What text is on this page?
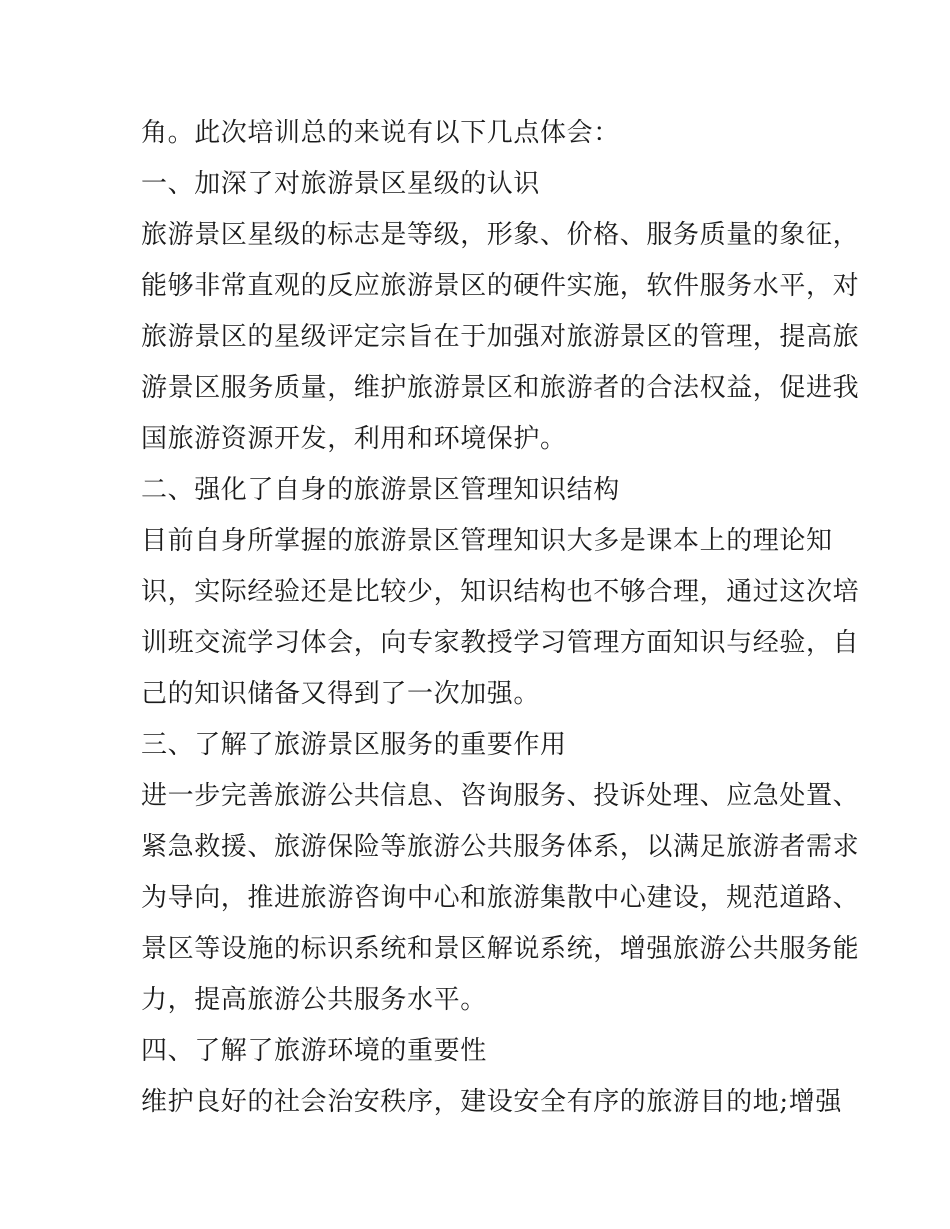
角。此次培训总的来说有以下几点体会：
一、加深了对旅游景区星级的认识
旅游景区星级的标志是等级，形象、价格、服务质量的象征，
能够非常直观的反应旅游景区的硬件实施，软件服务水平，对
旅游景区的星级评定宗旨在于加强对旅游景区的管理，提高旅
游景区服务质量，维护旅游景区和旅游者的合法权益，促进我
国旅游资源开发，利用和环境保护。
二、强化了自身的旅游景区管理知识结构
目前自身所掌握的旅游景区管理知识大多是课本上的理论知
识，实际经验还是比较少，知识结构也不够合理，通过这次培
训班交流学习体会，向专家教授学习管理方面知识与经验，自
己的知识储备又得到了一次加强。
三、了解了旅游景区服务的重要作用
进一步完善旅游公共信息、咨询服务、投诉处理、应急处置、
紧急救援、旅游保险等旅游公共服务体系，以满足旅游者需求
为导向，推进旅游咨询中心和旅游集散中心建设，规范道路、
景区等设施的标识系统和景区解说系统，增强旅游公共服务能
力，提高旅游公共服务水平。
四、了解了旅游环境的重要性
维护良好的社会治安秩序，建设安全有序的旅游目的地;增强
